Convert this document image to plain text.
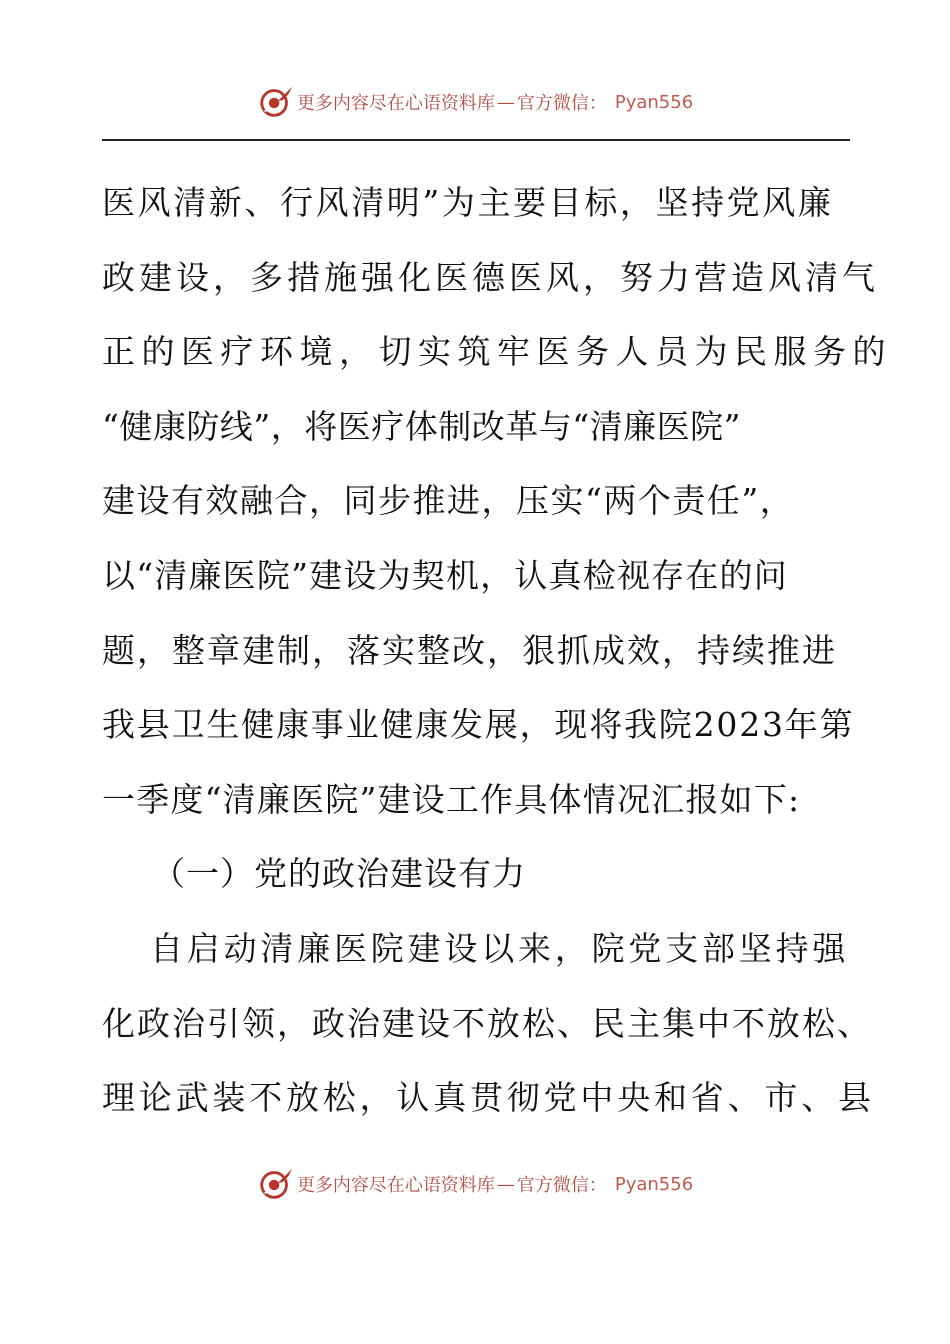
更多内容尽在心语资料库 — 官方微信： Pyan556
医风清新、行风清明”为主要目标，坚持党风廉
政建设，多措施强化医德医风，努力营造风清气
正的医疗环境，切实筑牢医务人员为民服务的
“健康防线”，将医疗体制改革与“清廉医院”
建设有效融合，同步推进，压实“两个责任”，
以“清廉医院”建设为契机，认真检视存在的问
题，整章建制，落实整改，狠抓成效，持续推进
我县卫生健康事业健康发展，现将我院2023年第
一季度“清廉医院”建设工作具体情况汇报如下:
（一）党的政治建设有力
自启动清廉医院建设以来，院党支部坚持强
化政治引领，政治建设不放松、民主集中不放松、
理论武装不放松，认真贯彻党中央和省、市、县
更多内容尽在心语资料库 — 官方微信： Pyan556
